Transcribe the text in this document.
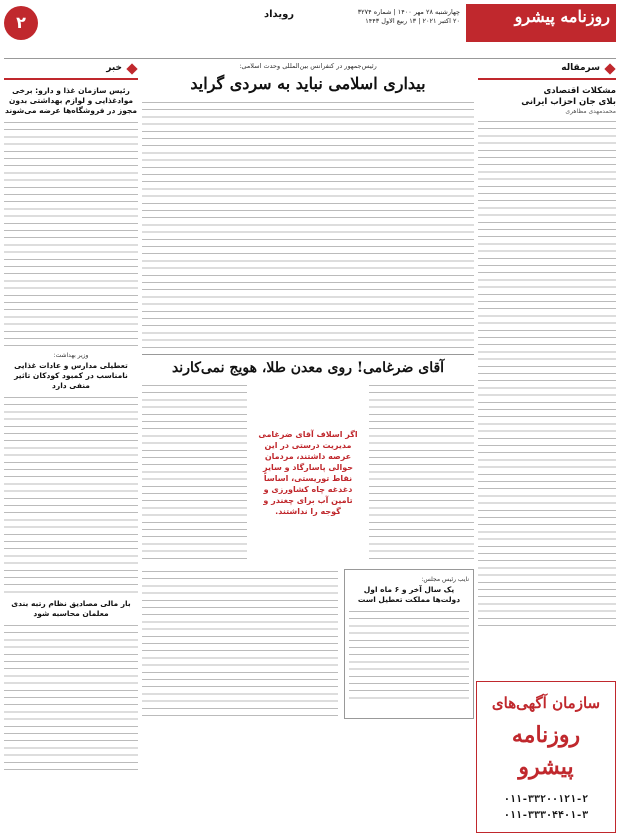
روزنامه پیشرو
چهارشنبه ۲۸ مهر ۱۴۰۰ | شماره ۳۲۷۴
۲۰ اکتبر ۲۰۲۱ | ۱۳ ربیع الاول ۱۴۴۳
رویداد
۲
سرمقاله
مشکلات اقتصادی
بلای جان احزاب ایرانی
محمدمهدی مظاهری
سازمان آگهی‌های
روزنامه
پیشرو
۰۱۱-۳۳۲۰۰۱۲۱-۲
۰۱۱-۳۳۳۰۴۴۰۱-۳
رئیس‌جمهور در کنفرانس بین‌المللی وحدت اسلامی:
بیداری اسلامی نباید به سردی گراید
آقای ضرغامی! روی معدن طلا، هویج نمی‌کارند
اگر اسلاف آقای ضرغامی مدیریت درستی در این عرصه داشتند، مردمان حوالی پاسارگاد و سایر نقاط توریستی، اساساً دغدغه چاه کشاورزی و تامین آب برای چغندر و گوجه را نداشتند.
نایب‌ رئیس مجلس:
یک سال آخر و ۶ ماه اول دولت‌ها مملکت تعطیل است
خبر
رئیس سازمان غذا و دارو: برخی موادغذایی و لوازم بهداشتی بدون مجوز در فروشگاه‌ها عرضه می‌شوند
وزیر بهداشت:
تعطیلی مدارس و عادات غذایی نامناسب در کمبود کودکان تاثیر منفی دارد
بار مالی مصادیق نظام رتبه بندی معلمان محاسبه شود
